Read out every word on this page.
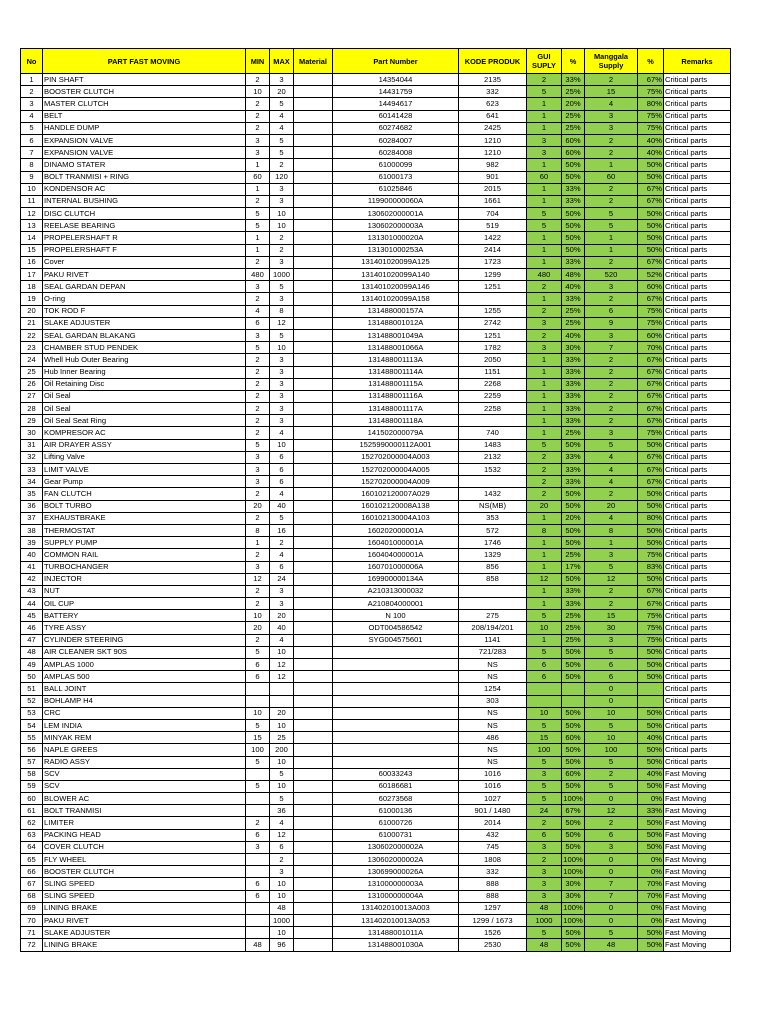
No	PART FAST MOVING	MIN	MAX	Material	Part Number	KODE PRODUK	GUI SUPLY	%	Manggala Supply	%	Remarks
1	PIN SHAFT	2	3		14354044	2135	2	33%	2	67%	Critical parts
2	BOOSTER CLUTCH	10	20		14431759	332	5	25%	15	75%	Critical parts
3	MASTER CLUTCH	2	5		14494617	623	1	20%	4	80%	Critical parts
4	BELT	2	4		60141428	641	1	25%	3	75%	Critical parts
5	HANDLE DUMP	2	4		60274682	2425	1	25%	3	75%	Critical parts
6	EXPANSION VALVE	3	5		60284007	1210	3	60%	2	40%	Critical parts
7	EXPANSION VALVE	3	5		60284008	1210	3	60%	2	40%	Critical parts
8	DINAMO STATER	1	2		61000099	982	1	50%	1	50%	Critical parts
9	BOLT TRANMISI + RING	60	120		61000173	901	60	50%	60	50%	Critical parts
10	KONDENSOR AC	1	3		61025846	2015	1	33%	2	67%	Critical parts
11	INTERNAL BUSHING	2	3		119900000060A	1661	1	33%	2	67%	Critical parts
12	DISC CLUTCH	5	10		130602000001A	704	5	50%	5	50%	Critical parts
13	REELASE BEARING	5	10		130602000003A	519	5	50%	5	50%	Critical parts
14	PROPELERSHAFT R	1	2		131301000020A	1422	1	50%	1	50%	Critical parts
15	PROPELERSHAFT F	1	2		131301000253A	2414	1	50%	1	50%	Critical parts
16	Cover	2	3		131401020099A125	1723	1	33%	2	67%	Critical parts
17	PAKU RIVET	480	1000		131401020099A140	1299	480	48%	520	52%	Critical parts
18	SEAL GARDAN DEPAN	3	5		131401020099A146	1251	2	40%	3	60%	Critical parts
19	O-ring	2	3		131401020099A158		1	33%	2	67%	Critical parts
20	TOK ROD F	4	8		131488000157A	1255	2	25%	6	75%	Critical parts
21	SLAKE ADJUSTER	6	12		131488001012A	2742	3	25%	9	75%	Critical parts
22	SEAL GARDAN BLAKANG	3	5		131488001049A	1251	2	40%	3	60%	Critical parts
23	CHAMBER STUD PENDEK	5	10		131488001066A	1782	3	30%	7	70%	Critical parts
24	Whell Hub Outer Bearing	2	3		131488001113A	2050	1	33%	2	67%	Critical parts
25	Hub Inner Bearing	2	3		131488001114A	1151	1	33%	2	67%	Critical parts
26	Oil Retaining Disc	2	3		131488001115A	2268	1	33%	2	67%	Critical parts
27	Oil Seal	2	3		131488001116A	2259	1	33%	2	67%	Critical parts
28	Oil Seal	2	3		131488001117A	2258	1	33%	2	67%	Critical parts
29	Oil Seal Seat Ring	2	3		131488001118A		1	33%	2	67%	Critical parts
30	KOMPRESOR AC	2	4		141502000079A	740	1	25%	3	75%	Critical parts
31	AIR DRAYER ASSY	5	10		1525990000112A001	1483	5	50%	5	50%	Critical parts
32	Lifting Valve	3	6		152702000004A003	2132	2	33%	4	67%	Critical parts
33	LIMIT VALVE	3	6		152702000004A005	1532	2	33%	4	67%	Critical parts
34	Gear Pump	3	6		152702000004A009		2	33%	4	67%	Critical parts
35	FAN CLUTCH	2	4		160102120007A029	1432	2	50%	2	50%	Critical parts
36	BOLT TURBO	20	40		160102120008A138	NS(MB)	20	50%	20	50%	Critical parts
37	EXHAUSTBRAKE	2	5		160102130004A103	353	1	20%	4	80%	Critical parts
38	THERMOSTAT	8	16		160202000001A	572	8	50%	8	50%	Critical parts
39	SUPPLY PUMP	1	2		160401000001A	1746	1	50%	1	50%	Critical parts
40	COMMON RAIL	2	4		160404000001A	1329	1	25%	3	75%	Critical parts
41	TURBOCHANGER	3	6		160701000006A	856	1	17%	5	83%	Critical parts
42	INJECTOR	12	24		169900000134A	858	12	50%	12	50%	Critical parts
43	NUT	2	3		A210313000032		1	33%	2	67%	Critical parts
44	OIL CUP	2	3		A210804000001		1	33%	2	67%	Critical parts
45	BATTERY	10	20		N 100	275	5	25%	15	75%	Critical parts
46	TYRE ASSY	20	40		ODT004586542	208/194/201	10	25%	30	75%	Critical parts
47	CYLINDER STEERING	2	4		SYG004575601	1141	1	25%	3	75%	Critical parts
48	AIR CLEANER SKT 90S	5	10			721/283	5	50%	5	50%	Critical parts
49	AMPLAS 1000	6	12			NS	6	50%	6	50%	Critical parts
50	AMPLAS 500	6	12			NS	6	50%	6	50%	Critical parts
51	BALL JOINT					1254			0		Critical parts
52	BOHLAMP H4					303			0		Critical parts
53	CRC	10	20			NS	10	50%	10	50%	Critical parts
54	LEM INDIA	5	10			NS	5	50%	5	50%	Critical parts
55	MINYAK REM	15	25			486	15	60%	10	40%	Critical parts
56	NAPLE GREES	100	200			NS	100	50%	100	50%	Critical parts
57	RADIO ASSY	5	10			NS	5	50%	5	50%	Critical parts
58	SCV		5		60033243	1016	3	60%	2	40%	Fast Moving
59	SCV	5	10		60186681	1016	5	50%	5	50%	Fast Moving
60	BLOWER AC		5		60273568	1027	5	100%	0	0%	Fast Moving
61	BOLT TRANMISI		36		61000136	901 / 1480	24	67%	12	33%	Fast Moving
62	LIMITER	2	4		61000726	2014	2	50%	2	50%	Fast Moving
63	PACKING HEAD	6	12		61000731	432	6	50%	6	50%	Fast Moving
64	COVER CLUTCH	3	6		130602000002A	745	3	50%	3	50%	Fast Moving
65	FLY WHEEL		2		130602000002A	1808	2	100%	0	0%	Fast Moving
66	BOOSTER CLUTCH		3		130699000026A	332	3	100%	0	0%	Fast Moving
67	SLING SPEED	6	10		131000000003A	888	3	30%	7	70%	Fast Moving
68	SLING SPEED	6	10		131000000004A	888	3	30%	7	70%	Fast Moving
69	LINING BRAKE		48		131402010013A003	1297	48	100%	0	0%	Fast Moving
70	PAKU RIVET		1000		131402010013A053	1299 / 1673	1000	100%	0	0%	Fast Moving
71	SLAKE ADJUSTER		10		131488001011A	1526	5	50%	5	50%	Fast Moving
72	LINING BRAKE	48	96		131488001030A	2530	48	50%	48	50%	Fast Moving
